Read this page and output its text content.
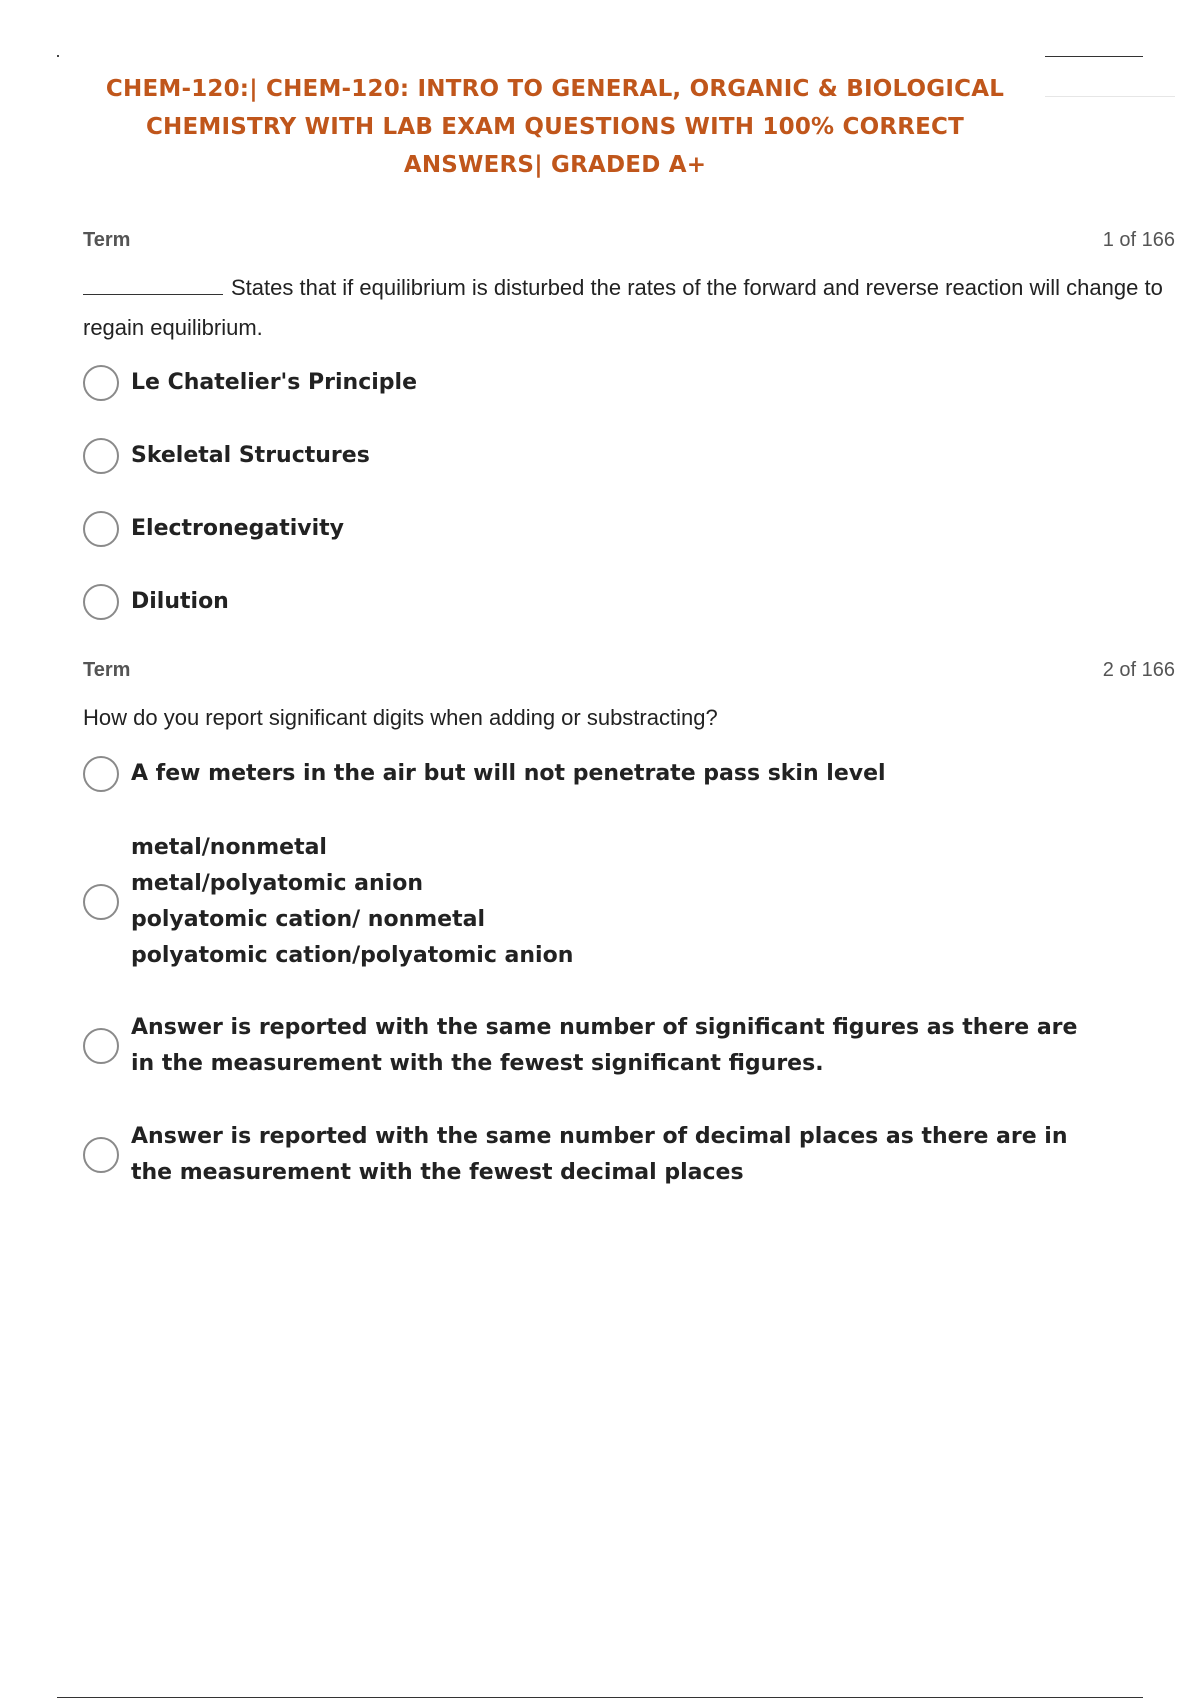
CHEM-120:| CHEM-120: INTRO TO GENERAL, ORGANIC & BIOLOGICAL CHEMISTRY WITH LAB EXAM QUESTIONS WITH 100% CORRECT ANSWERS| GRADED A+
Term	1 of 166
States that if equilibrium is disturbed the rates of the forward and reverse reaction will change to regain equilibrium.
Le Chatelier's Principle
Skeletal Structures
Electronegativity
Dilution
Term	2 of 166
How do you report significant digits when adding or substracting?
A few meters in the air but will not penetrate pass skin level
metal/nonmetal
metal/polyatomic anion
polyatomic cation/ nonmetal
polyatomic cation/polyatomic anion
Answer is reported with the same number of significant figures as there are in the measurement with the fewest significant figures.
Answer is reported with the same number of decimal places as there are in the measurement with the fewest decimal places
